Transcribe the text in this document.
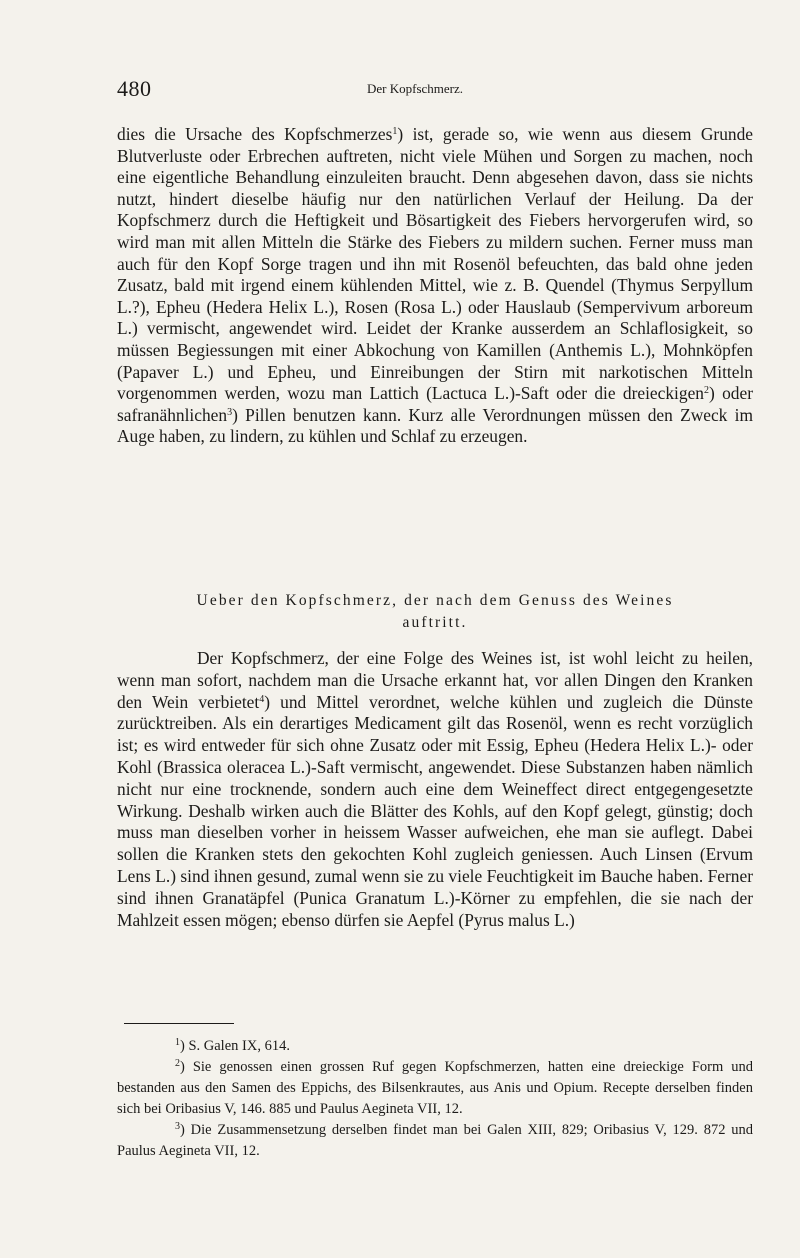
480	Der Kopfschmerz.

dies die Ursache des Kopfschmerzes$^1$) ist, gerade so, wie wenn aus diesem Grunde Blutverluste oder Erbrechen auftreten, nicht viele Mühen und Sorgen zu machen, noch eine eigentliche Behandlung einzuleiten braucht. Denn abgesehen davon, dass sie nichts nutzt, hindert dieselbe häufig nur den natürlichen Verlauf der Heilung. Da der Kopfschmerz durch die Heftigkeit und Bösartigkeit des Fiebers hervorgerufen wird, so wird man mit allen Mitteln die Stärke des Fiebers zu mildern suchen. Ferner muss man auch für den Kopf Sorge tragen und ihn mit Rosenöl befeuchten, das bald ohne jeden Zusatz, bald mit irgend einem kühlenden Mittel, wie z. B. Quendel (Thymus Serpyllum L.?), Epheu (Hedera Helix L.), Rosen (Rosa L.) oder Hauslaub (Sempervivum arboreum L.) vermischt, angewendet wird. Leidet der Kranke ausserdem an Schlaflosigkeit, so müssen Begiessungen mit einer Abkochung von Kamillen (Anthemis L.), Mohnköpfen (Papaver L.) und Epheu, und Einreibungen der Stirn mit narkotischen Mitteln vorgenommen werden, wozu man Lattich (Lactuca L.)-Saft oder die dreieckigen$^2$) oder safranähnlichen$^3$) Pillen benutzen kann. Kurz alle Verordnungen müssen den Zweck im Auge haben, zu lindern, zu kühlen und Schlaf zu erzeugen.

Ueber den Kopfschmerz, der nach dem Genuss des Weines
auftritt.

Der Kopfschmerz, der eine Folge des Weines ist, ist wohl leicht zu heilen, wenn man sofort, nachdem man die Ursache erkannt hat, vor allen Dingen den Kranken den Wein verbietet$^4$) und Mittel verordnet, welche kühlen und zugleich die Dünste zurücktreiben. Als ein derartiges Medicament gilt das Rosenöl, wenn es recht vorzüglich ist; es wird entweder für sich ohne Zusatz oder mit Essig, Epheu (Hedera Helix L.)- oder Kohl (Brassica oleracea L.)-Saft vermischt, angewendet. Diese Substanzen haben nämlich nicht nur eine trocknende, sondern auch eine dem Weineffect direct entgegengesetzte Wirkung. Deshalb wirken auch die Blätter des Kohls, auf den Kopf gelegt, günstig; doch muss man dieselben vorher in heissem Wasser aufweichen, ehe man sie auflegt. Dabei sollen die Kranken stets den gekochten Kohl zugleich geniessen. Auch Linsen (Ervum Lens L.) sind ihnen gesund, zumal wenn sie zu viele Feuchtigkeit im Bauche haben. Ferner sind ihnen Granatäpfel (Punica Granatum L.)-Körner zu empfehlen, die sie nach der Mahlzeit essen mögen; ebenso dürfen sie Aepfel (Pyrus malus L.)

$^1$) S. Galen IX, 614.

$^2$) Sie genossen einen grossen Ruf gegen Kopfschmerzen, hatten eine dreieckige Form und bestanden aus den Samen des Eppichs, des Bilsenkrautes, aus Anis und Opium. Recepte derselben finden sich bei Oribasius V, 146. 885 und Paulus Aegineta VII, 12.

$^3$) Die Zusammensetzung derselben findet man bei Galen XIII, 829; Oribasius V, 129. 872 und Paulus Aegineta VII, 12.
